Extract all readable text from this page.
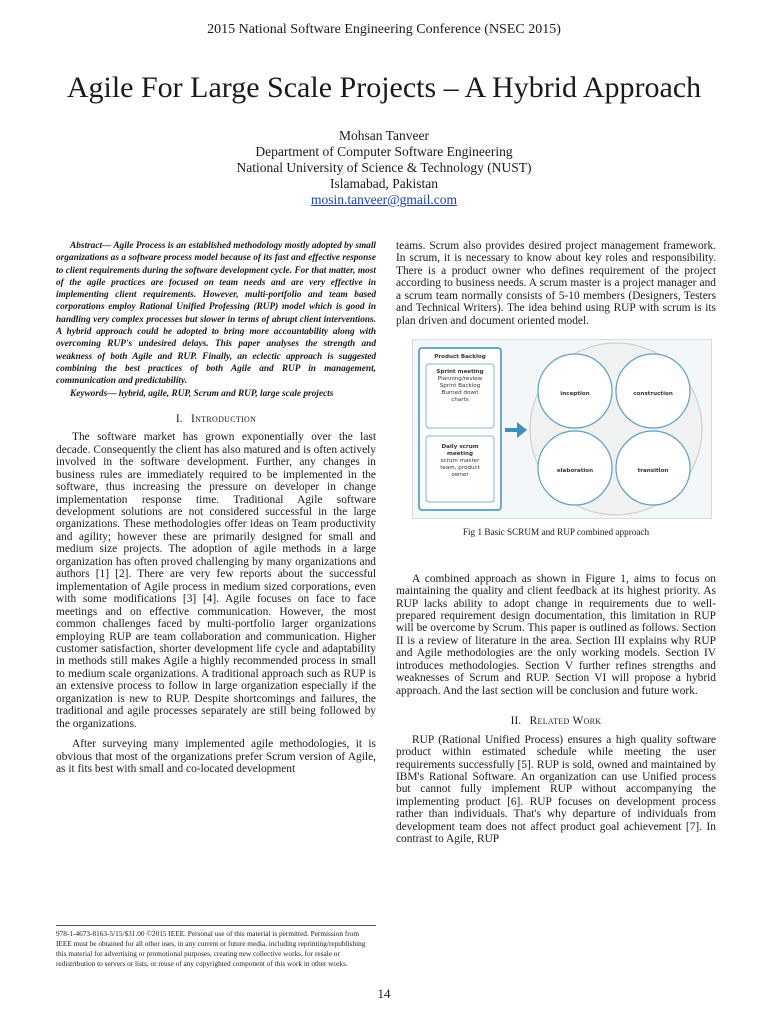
2015 National Software Engineering Conference (NSEC 2015)
Agile For Large Scale Projects – A Hybrid Approach
Mohsan Tanveer
Department of Computer Software Engineering
National University of Science & Technology (NUST)
Islamabad, Pakistan
mosin.tanveer@gmail.com

Abstract— Agile Process is an established methodology mostly adopted by small organizations as a software process model because of its fast and effective response to client requirements during the software development cycle. For that matter, most of the agile practices are focused on team needs and are very effective in implementing client requirements. However, multi-portfolio and team based corporations employ Rational Unified Professing (RUP) model which is good in handling very complex processes but slower in terms of abrupt client interventions. A hybrid approach could be adopted to bring more accountability along with overcoming RUP's undesired delays. This paper analyses the strength and weakness of both Agile and RUP. Finally, an eclectic approach is suggested combining the best practices of both Agile and RUP in management, communication and predictability.

Keywords— hybrid, agile, RUP, Scrum and RUP, large scale projects

I. Introduction

The software market has grown exponentially over the last decade. Consequently the client has also matured and is often actively involved in the software development. Further, any changes in business rules are immediately required to be implemented in the software, thus increasing the pressure on developer in change implementation response time. Traditional Agile software development solutions are not considered successful in the large organizations. These methodologies offer ideas on Team productivity and agility; however these are primarily designed for small and medium size projects. The adoption of agile methods in a large organization has often proved challenging by many organizations and authors [1] [2]. There are very few reports about the successful implementation of Agile process in medium sized corporations, even with some modifications [3] [4]. Agile focuses on face to face meetings and on effective communication. However, the most common challenges faced by multi-portfolio larger organizations employing RUP are team collaboration and communication. Higher customer satisfaction, shorter development life cycle and adaptability in methods still makes Agile a highly recommended process in small to medium scale organizations. A traditional approach such as RUP is an extensive process to follow in large organization especially if the organization is new to RUP. Despite shortcomings and failures, the traditional and agile processes separately are still being followed by the organizations.

After surveying many implemented agile methodologies, it is obvious that most of the organizations prefer Scrum version of Agile, as it fits best with small and co-located development

teams. Scrum also provides desired project management framework. In scrum, it is necessary to know about key roles and responsibility. There is a product owner who defines requirement of the project according to business needs. A scrum master is a project manager and a scrum team normally consists of 5-10 members (Designers, Testers and Technical Writers). The idea behind using RUP with scrum is its plan driven and document oriented model.

Product Backlog
Sprint meeting
Planning/review
Sprint Backlog
Burned down
charts
Daily scrum
meeting
scrum master
team, product
owner
inception	construction
elaboration	transition
Fig 1 Basic SCRUM and RUP combined approach

A combined approach as shown in Figure 1, aims to focus on maintaining the quality and client feedback at its highest priority. As RUP lacks ability to adopt change in requirements due to well-prepared requirement design documentation, this limitation in RUP will be overcome by Scrum. This paper is outlined as follows. Section II is a review of literature in the area. Section III explains why RUP and Agile methodologies are the only working models. Section IV introduces methodologies. Section V further refines strengths and weaknesses of Scrum and RUP. Section VI will propose a hybrid approach. And the last section will be conclusion and future work.

II. Related Work

RUP (Rational Unified Process) ensures a high quality software product within estimated schedule while meeting the user requirements successfully [5]. RUP is sold, owned and maintained by IBM's Rational Software. An organization can use Unified process but cannot fully implement RUP without accompanying the implementing product [6]. RUP focuses on development process rather than individuals. That's why departure of individuals from development team does not affect product goal achievement [7]. In contrast to Agile, RUP

978-1-4673-8163-5/15/$31.00 ©2015 IEEE. Personal use of this material is permitted. Permission from IEEE must be obtained for all other uses, in any current or future media, including reprinting/republishing this material for advertising or promotional purposes, creating new collective works, for resale or redistribution to servers or lists, or reuse of any copyrighted component of this work in other works.
14
